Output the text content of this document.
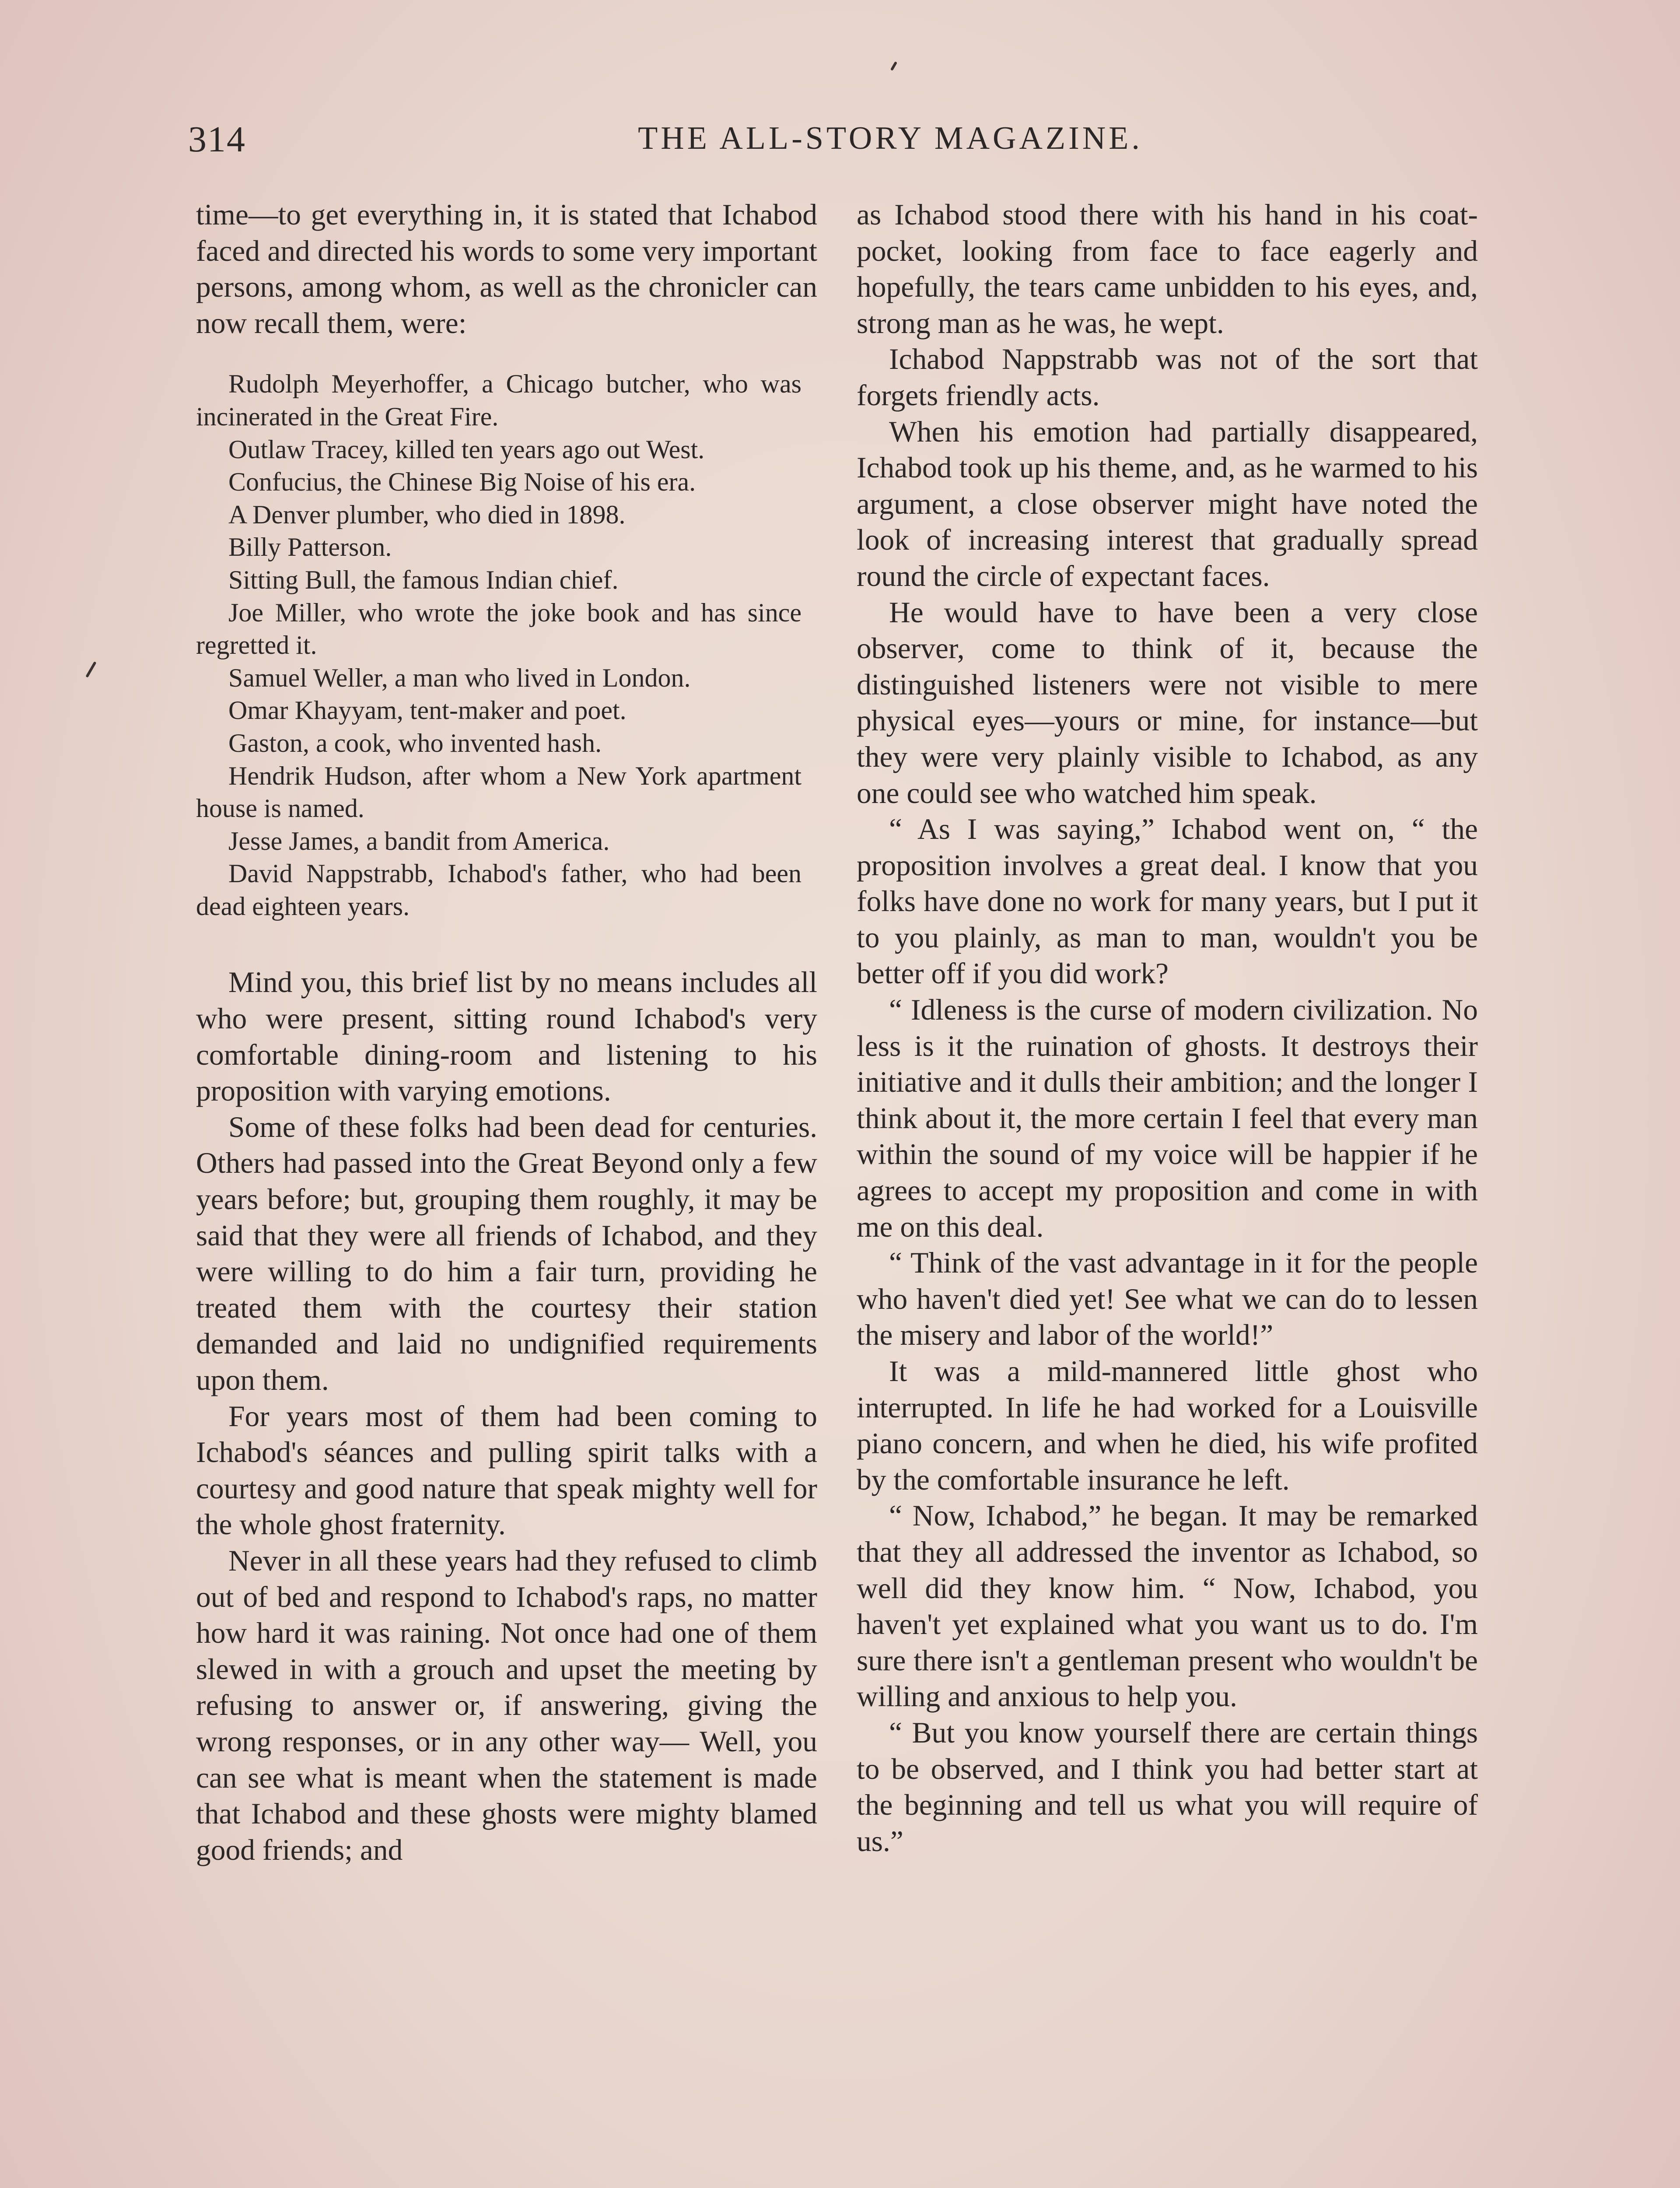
314	THE ALL-STORY MAGAZINE.

time—to get everything in, it is stated that Ichabod faced and directed his words to some very important persons, among whom, as well as the chronicler can now recall them, were:

Rudolph Meyerhoffer, a Chicago butcher, who was incinerated in the Great Fire.
Outlaw Tracey, killed ten years ago out West.
Confucius, the Chinese Big Noise of his era.
A Denver plumber, who died in 1898.
Billy Patterson.
Sitting Bull, the famous Indian chief.
Joe Miller, who wrote the joke book and has since regretted it.
Samuel Weller, a man who lived in London.
Omar Khayyam, tent-maker and poet.
Gaston, a cook, who invented hash.
Hendrik Hudson, after whom a New York apartment house is named.
Jesse James, a bandit from America.
David Nappstrabb, Ichabod's father, who had been dead eighteen years.

Mind you, this brief list by no means includes all who were present, sitting round Ichabod's very comfortable dining-room and listening to his proposition with varying emotions.

Some of these folks had been dead for centuries. Others had passed into the Great Beyond only a few years before; but, grouping them roughly, it may be said that they were all friends of Ichabod, and they were willing to do him a fair turn, providing he treated them with the courtesy their station demanded and laid no undignified requirements upon them.

For years most of them had been coming to Ichabod's séances and pulling spirit talks with a courtesy and good nature that speak mighty well for the whole ghost fraternity.

Never in all these years had they refused to climb out of bed and respond to Ichabod's raps, no matter how hard it was raining. Not once had one of them slewed in with a grouch and upset the meeting by refusing to answer or, if answering, giving the wrong responses, or in any other way— Well, you can see what is meant when the statement is made that Ichabod and these ghosts were mighty blamed good friends; and

as Ichabod stood there with his hand in his coat-pocket, looking from face to face eagerly and hopefully, the tears came unbidden to his eyes, and, strong man as he was, he wept.

Ichabod Nappstrabb was not of the sort that forgets friendly acts.

When his emotion had partially disappeared, Ichabod took up his theme, and, as he warmed to his argument, a close observer might have noted the look of increasing interest that gradually spread round the circle of expectant faces.

He would have to have been a very close observer, come to think of it, because the distinguished listeners were not visible to mere physical eyes—yours or mine, for instance—but they were very plainly visible to Ichabod, as any one could see who watched him speak.

“ As I was saying,” Ichabod went on, “ the proposition involves a great deal. I know that you folks have done no work for many years, but I put it to you plainly, as man to man, wouldn't you be better off if you did work?

“ Idleness is the curse of modern civilization. No less is it the ruination of ghosts. It destroys their initiative and it dulls their ambition; and the longer I think about it, the more certain I feel that every man within the sound of my voice will be happier if he agrees to accept my proposition and come in with me on this deal.

“ Think of the vast advantage in it for the people who haven't died yet! See what we can do to lessen the misery and labor of the world!”

It was a mild-mannered little ghost who interrupted. In life he had worked for a Louisville piano concern, and when he died, his wife profited by the comfortable insurance he left.

“ Now, Ichabod,” he began. It may be remarked that they all addressed the inventor as Ichabod, so well did they know him. “ Now, Ichabod, you haven't yet explained what you want us to do. I'm sure there isn't a gentleman present who wouldn't be willing and anxious to help you.

“ But you know yourself there are certain things to be observed, and I think you had better start at the beginning and tell us what you will require of us.”
